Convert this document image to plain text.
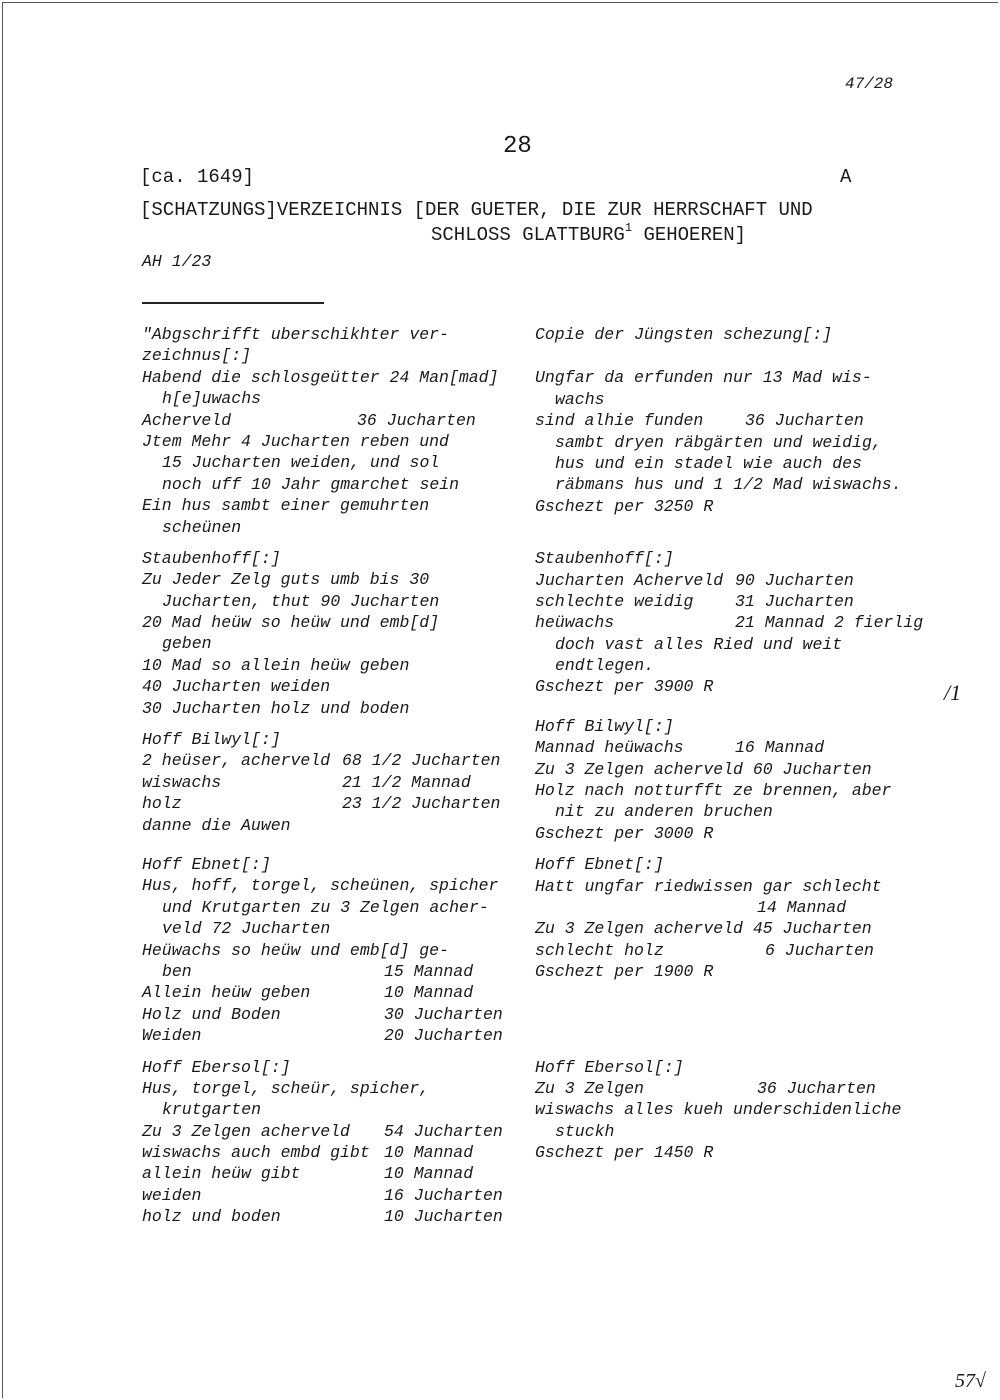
47/28
28
[ca. 1649]	A
[SCHATZUNGS]VERZEICHNIS [DER GUETER, DIE ZUR HERRSCHAFT UND
SCHLOSS GLATTBURG$^1$ GEHOEREN]
AH 1/23
"Abgschrifft uberschikhter ver-
zeichnus[:]
Habend die schlosgeütter 24 Man[mad]
h[e]uwachs
Acherveld	36 Jucharten
Jtem Mehr 4 Jucharten reben und
15 Jucharten weiden, und sol
noch uff 10 Jahr gmarchet sein
Ein hus sambt einer gemuhrten
scheünen
Staubenhoff[:]
Zu Jeder Zelg guts umb bis 30
Jucharten, thut 90 Jucharten
20 Mad heüw so heüw und emb[d]
geben
10 Mad so allein heüw geben
40 Jucharten weiden
30 Jucharten holz und boden
Hoff Bilwyl[:]
2 heüser, acherveld 68 1/2 Jucharten
wiswachs	21 1/2 Mannad
holz	23 1/2 Jucharten
danne die Auwen
Hoff Ebnet[:]
Hus, hoff, torgel, scheünen, spicher
und Krutgarten zu 3 Zelgen acher-
veld 72 Jucharten
Heüwachs so heüw und emb[d] ge-
ben	15 Mannad
Allein heüw geben	10 Mannad
Holz und Boden	30 Jucharten
Weiden	20 Jucharten
Hoff Ebersol[:]
Hus, torgel, scheür, spicher,
krutgarten
Zu 3 Zelgen acherveld 54 Jucharten
wiswachs auch embd gibt 10 Mannad
allein heüw gibt	10 Mannad
weiden	16 Jucharten
holz und boden	10 Jucharten
Copie der Jüngsten schezung[:]
Ungfar da erfunden nur 13 Mad wis-
wachs
sind alhie funden	36 Jucharten
sambt dryen räbgärten und weidig,
hus und ein stadel wie auch des
räbmans hus und 1 1/2 Mad wiswachs.
Gschezt per 3250 R
Staubenhoff[:]
Jucharten Acherveld 90 Jucharten
schlechte weidig	31 Jucharten
heüwachs	21 Mannad 2 fierlig
doch vast alles Ried und weit
endtlegen.
Gschezt per 3900 R
Hoff Bilwyl[:]
Mannad heüwachs	16 Mannad
Zu 3 Zelgen acherveld 60 Jucharten
Holz nach notturfft ze brennen, aber
nit zu anderen bruchen
Gschezt per 3000 R
Hoff Ebnet[:]
Hatt ungfar riedwissen gar schlecht
14 Mannad
Zu 3 Zelgen acherveld 45 Jucharten
schlecht holz	6 Jucharten
Gschezt per 1900 R
Hoff Ebersol[:]
Zu 3 Zelgen	36 Jucharten
wiswachs alles kueh underschidenliche
stuckh
Gschezt per 1450 R
/1
57√
